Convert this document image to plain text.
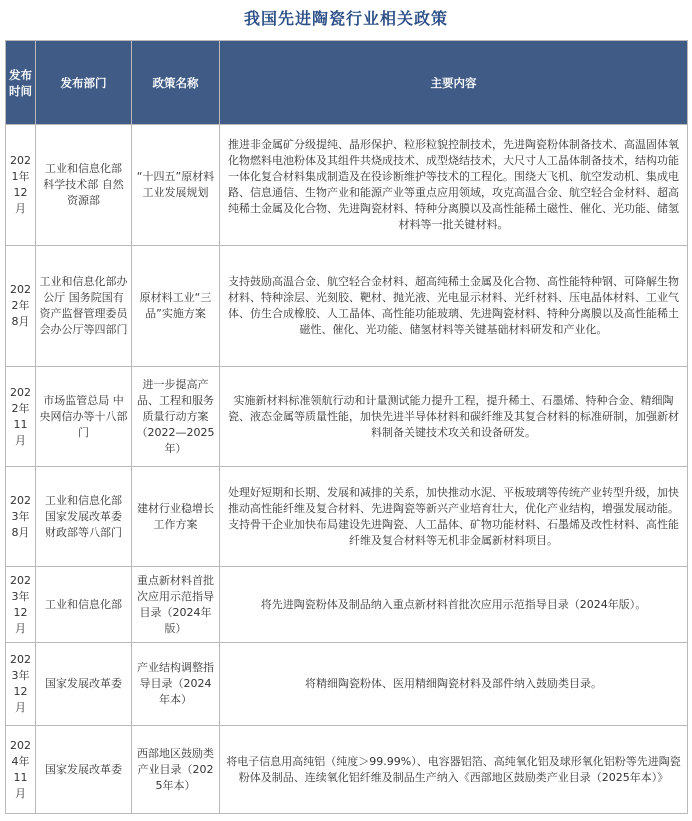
我国先进陶瓷行业相关政策
发布时间	发布部门	政策名称	主要内容
2021年12月	工业和信息化部 科学技术部 自然资源部	“十四五”原材料工业发展规划	推进非金属矿分级提纯、晶形保护、粒形粒貌控制技术，先进陶瓷粉体制备技术、高温固体氧化物燃料电池粉体及其组件共烧成技术、成型烧结技术，大尺寸人工晶体制备技术，结构功能一体化复合材料集成制造及在役诊断维护等技术的工程化。围绕大飞机、航空发动机、集成电路、信息通信、生物产业和能源产业等重点应用领域，攻克高温合金、航空轻合金材料、超高纯稀土金属及化合物、先进陶瓷材料、特种分离膜以及高性能稀土磁性、催化、光功能、储氢材料等一批关键材料。
2022年8月	工业和信息化部办公厅 国务院国有资产监督管理委员会办公厅等四部门	原材料工业“三品”实施方案	支持鼓励高温合金、航空轻合金材料、超高纯稀土金属及化合物、高性能特种钢、可降解生物材料、特种涂层、光刻胶、靶材、抛光液、光电显示材料、光纤材料、压电晶体材料、工业气体、仿生合成橡胶、人工晶体、高性能功能玻璃、先进陶瓷材料、特种分离膜以及高性能稀土磁性、催化、光功能、储氢材料等关键基础材料研发和产业化。
2022年11月	市场监管总局 中央网信办等十八部门	进一步提高产品、工程和服务质量行动方案（2022—2025年）	实施新材料标准领航行动和计量测试能力提升工程，提升稀土、石墨烯、特种合金、精细陶瓷、液态金属等质量性能，加快先进半导体材料和碳纤维及其复合材料的标准研制，加强新材料制备关键技术攻关和设备研发。
2023年8月	工业和信息化部 国家发展改革委 财政部等八部门	建材行业稳增长工作方案	处理好短期和长期、发展和减排的关系，加快推动水泥、平板玻璃等传统产业转型升级，加快推动高性能纤维及复合材料、先进陶瓷等新兴产业培育壮大，优化产业结构，增强发展动能。支持骨干企业加快布局建设先进陶瓷、人工晶体、矿物功能材料、石墨烯及改性材料、高性能纤维及复合材料等无机非金属新材料项目。
2023年12月	工业和信息化部	重点新材料首批次应用示范指导目录（2024年版）	将先进陶瓷粉体及制品纳入重点新材料首批次应用示范指导目录（2024年版）。
2023年12月	国家发展改革委	产业结构调整指导目录（2024年本）	将精细陶瓷粉体、医用精细陶瓷材料及部件纳入鼓励类目录。
2024年11月	国家发展改革委	西部地区鼓励类产业目录（2025年本）	将电子信息用高纯铝（纯度＞99.99%）、电容器铝箔、高纯氧化铝及球形氧化铝粉等先进陶瓷粉体及制品、连续氧化铝纤维及制品生产纳入《西部地区鼓励类产业目录（2025年本）》
